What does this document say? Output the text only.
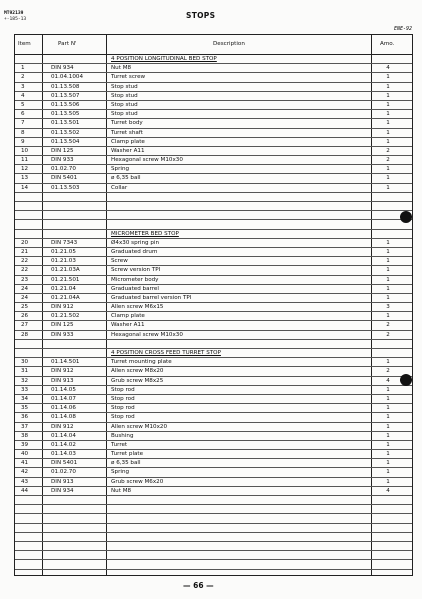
MT92139
+-185-13	STOPS
ENE-92
Item	Part N'	Description	Amo.
4 POSITION LONGITUDINAL BED STOP
1	DIN 934	Nut M8	4
2	01.04.1004	Turret screw	1
3	01.13.508	Stop stud	1
4	01.13.507	Stop stud	1
5	01.13.506	Stop stud	1
6	01.13.505	Stop stud	1
7	01.13.501	Turret body	1
8	01.13.502	Turret shaft	1
9	01.13.504	Clamp plate	1
10	DIN 125	Washer A11	2
11	DIN 933	Hexagonal screw M10x30	2
12	01.02.70	Spring	1
13	DIN 5401	ø 6,35 ball	1
14	01.13.503	Collar	1
MICROMETER BED STOP
20	DIN 7343	Ø4x30 spring pin	1
21	01.21.05	Graduated drum	1
22	01.21.03	Screw	1
22	01.21.03A	Screw version TPI	1
23	01.21.501	Micrometer body	1
24	01.21.04	Graduated barrel	1
24	01.21.04A	Graduated barrel version TPI	1
25	DIN 912	Allen screw M6x15	3
26	01.21.502	Clamp plate	1
27	DIN 125	Washer A11	2
28	DIN 933	Hexagonal screw M10x30	2
4 POSITION CROSS FEED TURRET STOP
30	01.14.501	Turret mounting plate	1
31	DIN 912	Allen screw M8x20	2
32	DIN 913	Grub screw M8x25	4
33	01.14.05	Stop rod	1
34	01.14.07	Stop rod	1
35	01.14.06	Stop rod	1
36	01.14.08	Stop rod	1
37	DIN 912	Allen screw M10x20	1
38	01.14.04	Bushing	1
39	01.14.02	Turret	1
40	01.14.03	Turret plate	1
41	DIN 5401	ø 6,35 ball	1
42	01.02.70	Spring	1
43	DIN 913	Grub screw M6x20	1
44	DIN 934	Nut M8	4
— 66 —
